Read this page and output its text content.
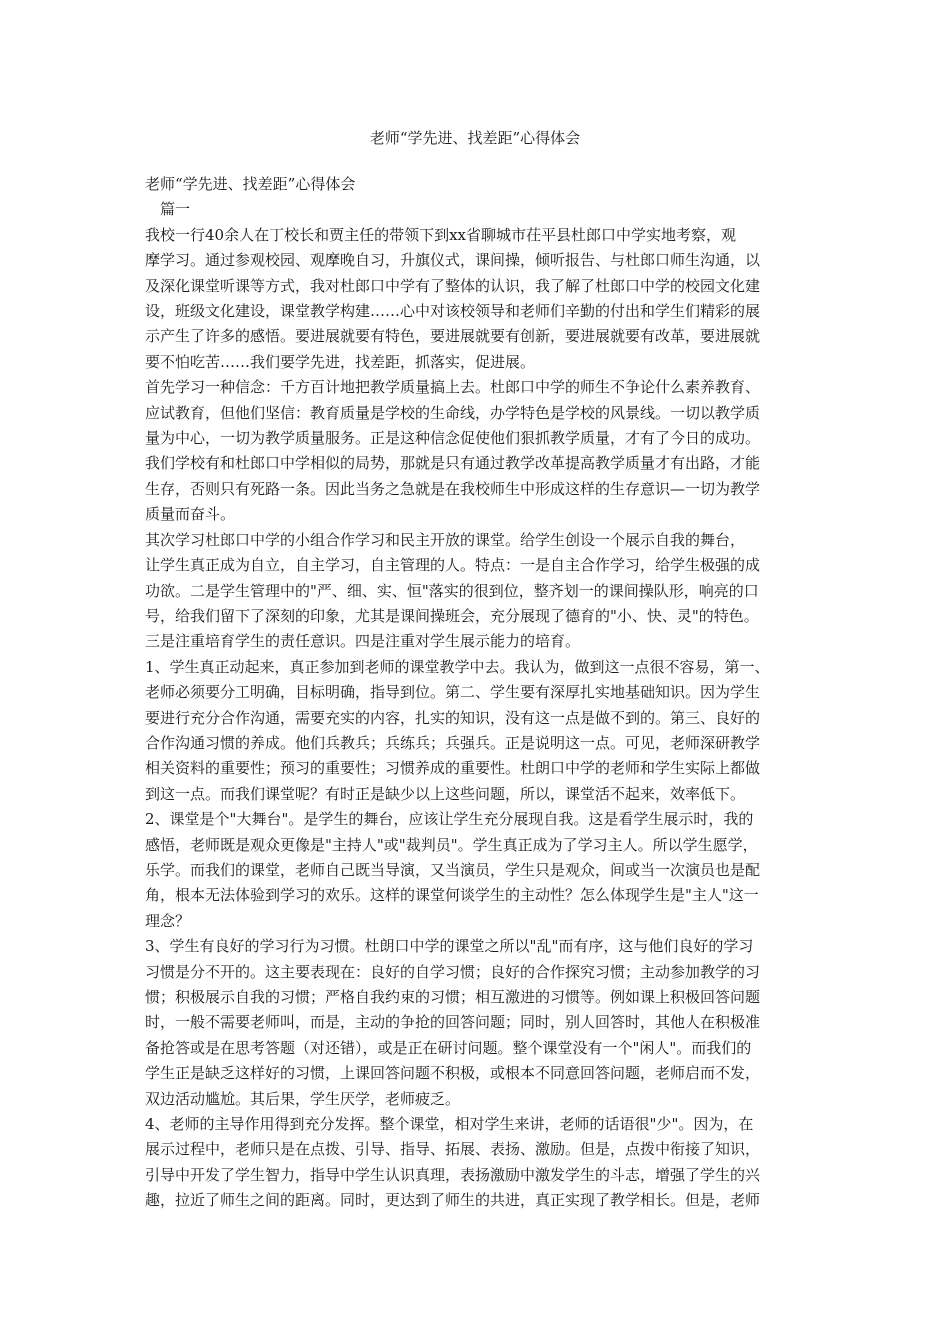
老师“学先进、找差距”心得体会

老师“学先进、找差距”心得体会

篇一

我校一行40余人在丁校长和贾主任的带领下到xx省聊城市茌平县杜郎口中学实地考察，观

摩学习。通过参观校园、观摩晚自习，升旗仪式，课间操，倾听报告、与杜郎口师生沟通，以

及深化课堂听课等方式，我对杜郎口中学有了整体的认识，我了解了杜郎口中学的校园文化建

设，班级文化建设，课堂教学构建……心中对该校领导和老师们辛勤的付出和学生们精彩的展

示产生了许多的感悟。要进展就要有特色，要进展就要有创新，要进展就要有改革，要进展就

要不怕吃苦……我们要学先进，找差距，抓落实，促进展。

首先学习一种信念：千方百计地把教学质量搞上去。杜郎口中学的师生不争论什么素养教育、

应试教育，但他们坚信：教育质量是学校的生命线，办学特色是学校的风景线。一切以教学质

量为中心，一切为教学质量服务。正是这种信念促使他们狠抓教学质量，才有了今日的成功。

我们学校有和杜郎口中学相似的局势，那就是只有通过教学改革提高教学质量才有出路，才能

生存，否则只有死路一条。因此当务之急就是在我校师生中形成这样的生存意识—一切为教学

质量而奋斗。

其次学习杜郎口中学的小组合作学习和民主开放的课堂。给学生创设一个展示自我的舞台，

让学生真正成为自立，自主学习，自主管理的人。特点：一是自主合作学习，给学生极强的成

功欲。二是学生管理中的"严、细、实、恒"落实的很到位，整齐划一的课间操队形，响亮的口

号，给我们留下了深刻的印象，尤其是课间操班会，充分展现了德育的"小、快、灵"的特色。

三是注重培育学生的责任意识。四是注重对学生展示能力的培育。

1、学生真正动起来，真正参加到老师的课堂教学中去。我认为，做到这一点很不容易，第一、

老师必须要分工明确，目标明确，指导到位。第二、学生要有深厚扎实地基础知识。因为学生

要进行充分合作沟通，需要充实的内容，扎实的知识，没有这一点是做不到的。第三、良好的

合作沟通习惯的养成。他们兵教兵；兵练兵；兵强兵。正是说明这一点。可见，老师深研教学

相关资料的重要性；预习的重要性；习惯养成的重要性。杜朗口中学的老师和学生实际上都做

到这一点。而我们课堂呢？有时正是缺少以上这些问题，所以，课堂活不起来，效率低下。

2、课堂是个"大舞台"。是学生的舞台，应该让学生充分展现自我。这是看学生展示时，我的

感悟，老师既是观众更像是"主持人"或"裁判员"。学生真正成为了学习主人。所以学生愿学，

乐学。而我们的课堂，老师自己既当导演，又当演员，学生只是观众，间或当一次演员也是配

角，根本无法体验到学习的欢乐。这样的课堂何谈学生的主动性？怎么体现学生是"主人"这一

理念？

3、学生有良好的学习行为习惯。杜朗口中学的课堂之所以"乱"而有序，这与他们良好的学习

习惯是分不开的。这主要表现在：良好的自学习惯；良好的合作探究习惯；主动参加教学的习

惯；积极展示自我的习惯；严格自我约束的习惯；相互激进的习惯等。例如课上积极回答问题

时，一般不需要老师叫，而是，主动的争抢的回答问题；同时，别人回答时，其他人在积极准

备抢答或是在思考答题（对还错），或是正在研讨问题。整个课堂没有一个"闲人"。而我们的

学生正是缺乏这样好的习惯，上课回答问题不积极，或根本不同意回答问题，老师启而不发，

双边活动尴尬。其后果，学生厌学，老师疲乏。

4、老师的主导作用得到充分发挥。整个课堂，相对学生来讲，老师的话语很"少"。因为，在

展示过程中，老师只是在点拨、引导、指导、拓展、表扬、激励。但是，点拨中衔接了知识，

引导中开发了学生智力，指导中学生认识真理，表扬激励中激发学生的斗志，增强了学生的兴

趣，拉近了师生之间的距离。同时，更达到了师生的共进，真正实现了教学相长。但是，老师
